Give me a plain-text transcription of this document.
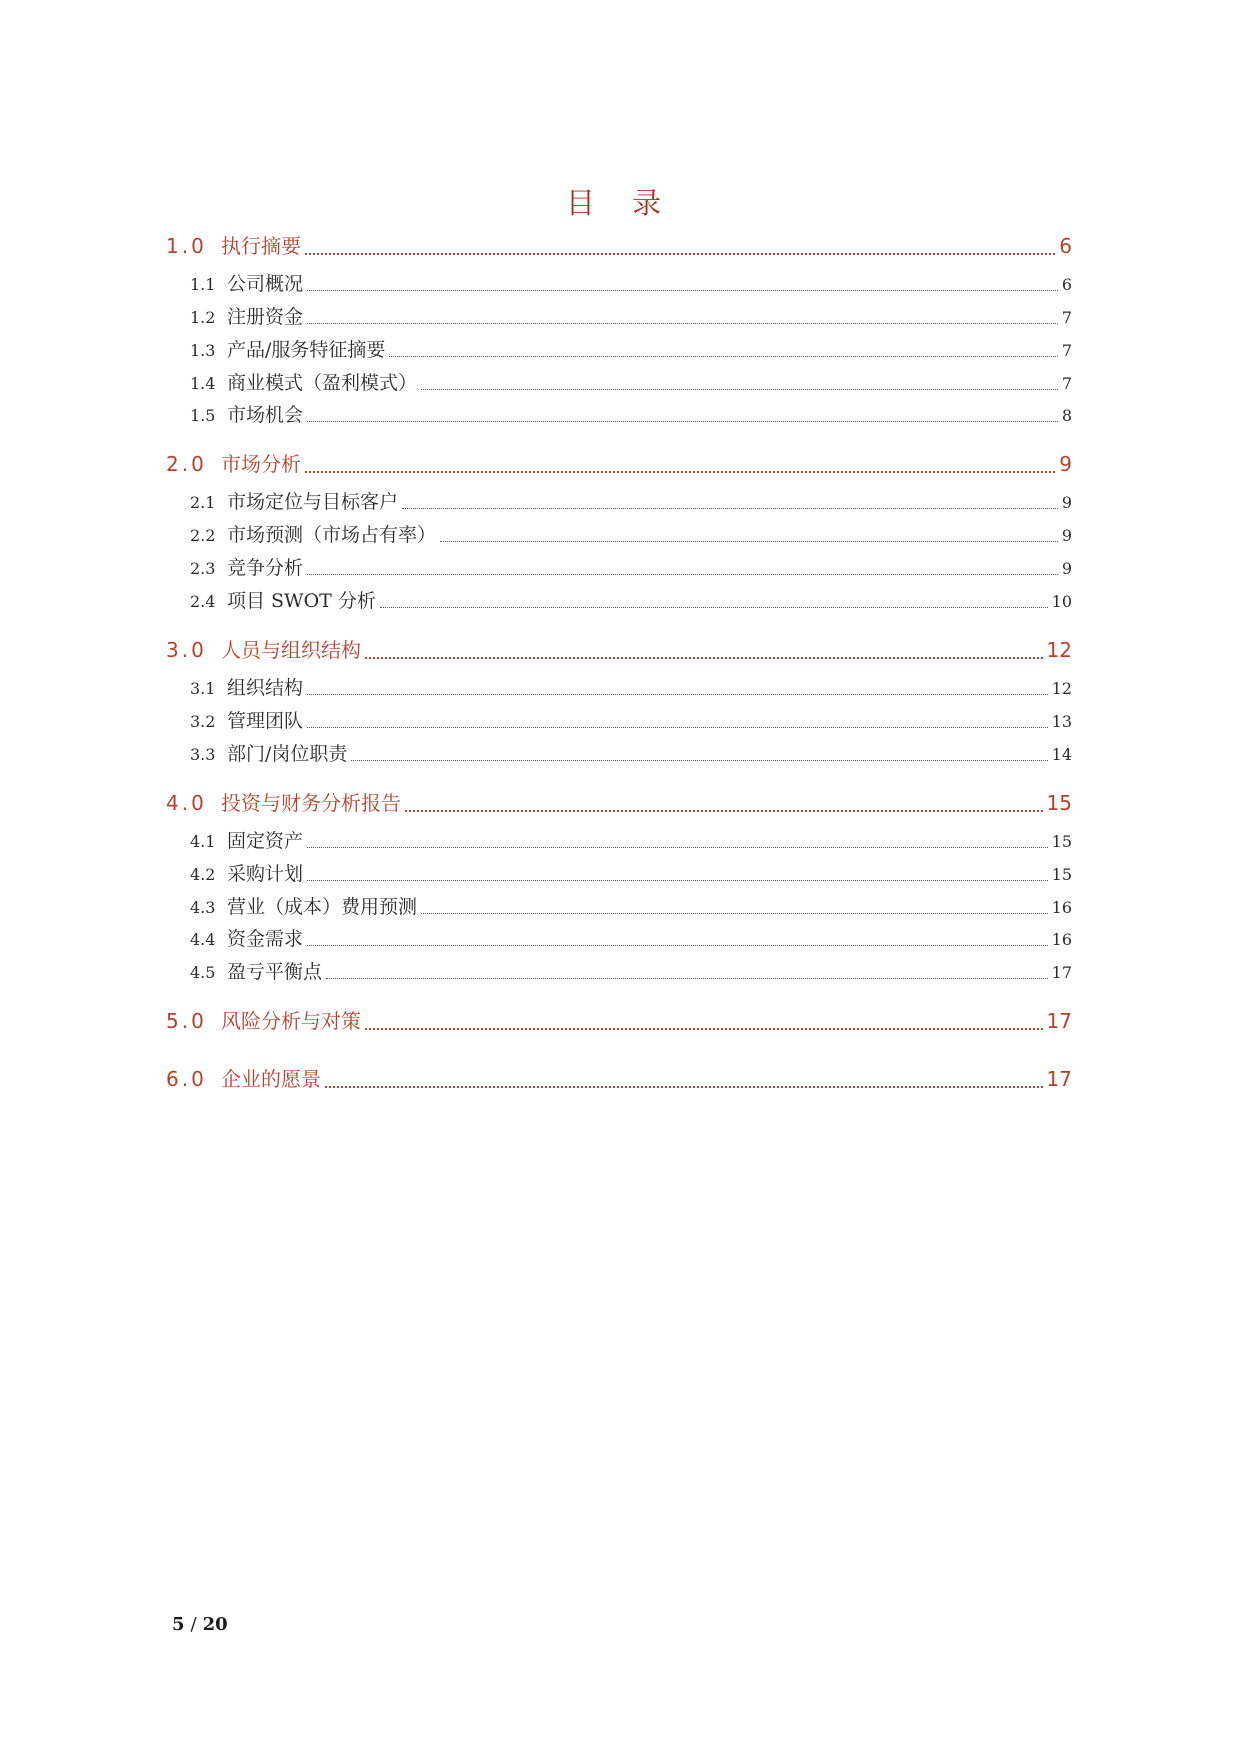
目 录
1.0 执行摘要	6
1.1 公司概况	6
1.2 注册资金	7
1.3 产品/服务特征摘要	7
1.4 商业模式（盈利模式）	7
1.5 市场机会	8
2.0 市场分析	9
2.1 市场定位与目标客户	9
2.2 市场预测（市场占有率）	9
2.3 竞争分析	9
2.4 项目 SWOT 分析	10
3.0 人员与组织结构	12
3.1 组织结构	12
3.2 管理团队	13
3.3 部门/岗位职责	14
4.0 投资与财务分析报告	15
4.1 固定资产	15
4.2 采购计划	15
4.3 营业（成本）费用预测	16
4.4 资金需求	16
4.5 盈亏平衡点	17
5.0 风险分析与对策	17
6.0 企业的愿景	17
5 / 20
